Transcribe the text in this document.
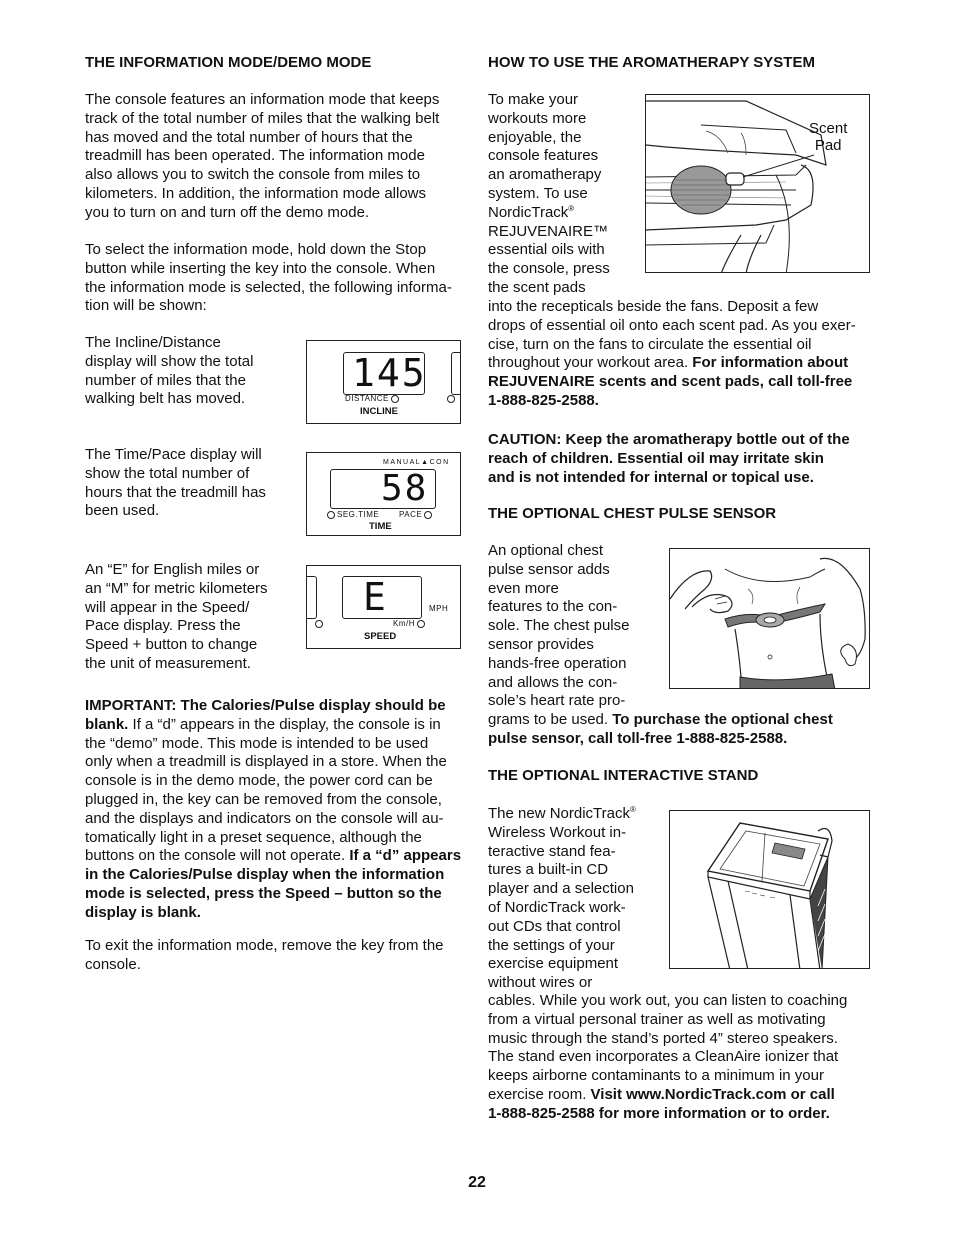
THE INFORMATION MODE/DEMO MODE
The console features an information mode that keeps
track of the total number of miles that the walking belt
has moved and the total number of hours that the
treadmill has been operated. The information mode
also allows you to switch the console from miles to
kilometers. In addition, the information mode allows
you to turn on and turn off the demo mode.
To select the information mode, hold down the Stop
button while inserting the key into the console. When
the information mode is selected, the following informa-
tion will be shown:
The Incline/Distance
display will show the total
number of miles that the
walking belt has moved.
145
DISTANCE
INCLINE
The Time/Pace display will
show the total number of
hours that the treadmill has
been used.
MANUAL▲CON
58
SEG.TIME PACE
TIME
An “E” for English miles or
an “M” for metric kilometers
will appear in the Speed/
Pace display. Press the
Speed + button to change
the unit of measurement.
E	MPH
Km/H
SPEED
IMPORTANT: The Calories/Pulse display should be
blank. If a “d” appears in the display, the console is in
the “demo” mode. This mode is intended to be used
only when a treadmill is displayed in a store. When the
console is in the demo mode, the power cord can be
plugged in, the key can be removed from the console,
and the displays and indicators on the console will au-
tomatically light in a preset sequence, although the
buttons on the console will not operate. If a “d” appears
in the Calories/Pulse display when the information
mode is selected, press the Speed – button so the
display is blank.
To exit the information mode, remove the key from the
console.
HOW TO USE THE AROMATHERAPY SYSTEM
To make your
workouts more
enjoyable, the
console features
an aromatherapy
system. To use
NordicTrack®
REJUVENAIRE™
essential oils with
the console, press
the scent pads
Scent
Pad
into the recepticals beside the fans. Deposit a few
drops of essential oil onto each scent pad. As you exer-
cise, turn on the fans to circulate the essential oil
throughout your workout area. For information about
REJUVENAIRE scents and scent pads, call toll-free
1-888-825-2588.
CAUTION: Keep the aromatherapy bottle out of the
reach of children. Essential oil may irritate skin
and is not intended for internal or topical use.
THE OPTIONAL CHEST PULSE SENSOR
An optional chest
pulse sensor adds
even more
features to the con-
sole. The chest pulse
sensor provides
hands-free operation
and allows the con-
sole’s heart rate pro-
grams to be used. To purchase the optional chest
pulse sensor, call toll-free 1-888-825-2588.
THE OPTIONAL INTERACTIVE STAND
The new NordicTrack®
Wireless Workout in-
teractive stand fea-
tures a built-in CD
player and a selection
of NordicTrack work-
out CDs that control
the settings of your
exercise equipment
without wires or
cables. While you work out, you can listen to coaching
from a virtual personal trainer as well as motivating
music through the stand’s ported 4” stereo speakers.
The stand even incorporates a CleanAire ionizer that
keeps airborne contaminants to a minimum in your
exercise room. Visit www.NordicTrack.com or call
1-888-825-2588 for more information or to order.
22
